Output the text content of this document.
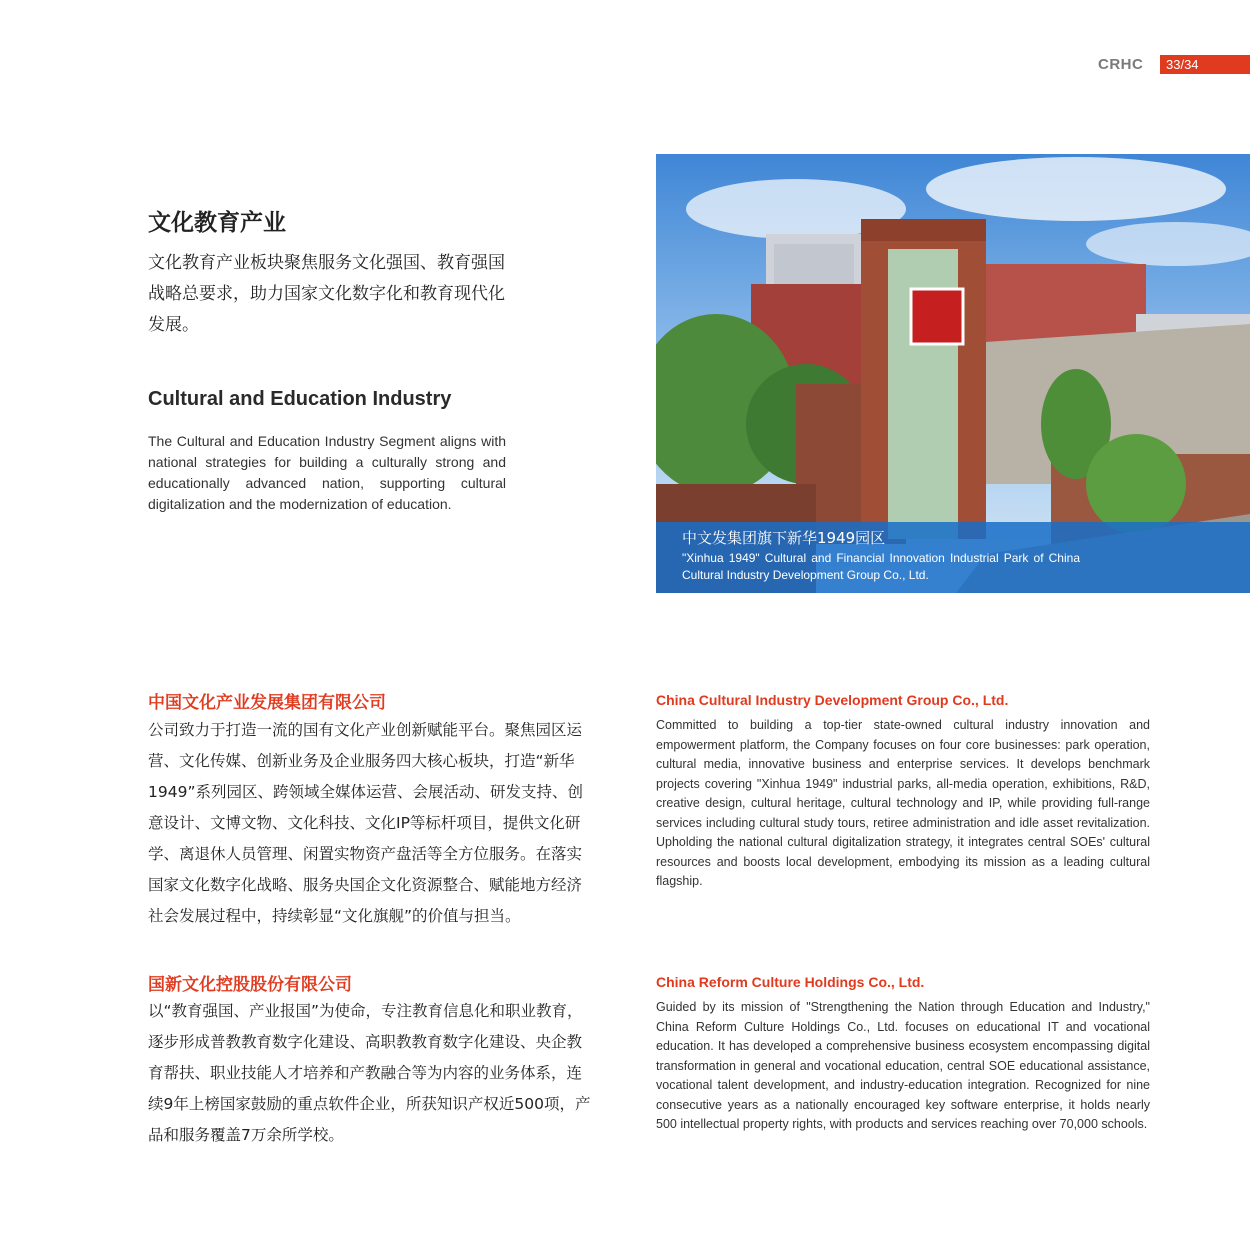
CRHC	33/34
文化教育产业

文化教育产业板块聚焦服务文化强国、教育强国战略总要求，助力国家文化数字化和教育现代化发展。

Cultural and Education Industry

The Cultural and Education Industry Segment aligns with national strategies for building a culturally strong and educationally advanced nation, supporting cultural digitalization and the modernization of education.

中文发集团旗下新华1949园区
"Xinhua 1949" Cultural and Financial Innovation Industrial Park of China Cultural Industry Development Group Co., Ltd.
中国文化产业发展集团有限公司

公司致力于打造一流的国有文化产业创新赋能平台。聚焦园区运营、文化传媒、创新业务及企业服务四大核心板块，打造“新华1949”系列园区、跨领域全媒体运营、会展活动、研发支持、创意设计、文博文物、文化科技、文化IP等标杆项目，提供文化研学、离退休人员管理、闲置实物资产盘活等全方位服务。在落实国家文化数字化战略、服务央国企文化资源整合、赋能地方经济社会发展过程中，持续彰显“文化旗舰”的价值与担当。

China Cultural Industry Development Group Co., Ltd.

Committed to building a top-tier state-owned cultural industry innovation and empowerment platform, the Company focuses on four core businesses: park operation, cultural media, innovative business and enterprise services. It develops benchmark projects covering "Xinhua 1949" industrial parks, all-media operation, exhibitions, R&D, creative design, cultural heritage, cultural technology and IP, while providing full-range services including cultural study tours, retiree administration and idle asset revitalization. Upholding the national cultural digitalization strategy, it integrates central SOEs' cultural resources and boosts local development, embodying its mission as a leading cultural flagship.

国新文化控股股份有限公司

以“教育强国、产业报国”为使命，专注教育信息化和职业教育，逐步形成普教教育数字化建设、高职教教育数字化建设、央企教育帮扶、职业技能人才培养和产教融合等为内容的业务体系，连续9年上榜国家鼓励的重点软件企业，所获知识产权近500项，产品和服务覆盖7万余所学校。

China Reform Culture Holdings Co., Ltd.

Guided by its mission of "Strengthening the Nation through Education and Industry," China Reform Culture Holdings Co., Ltd. focuses on educational IT and vocational education. It has developed a comprehensive business ecosystem encompassing digital transformation in general and vocational education, central SOE educational assistance, vocational talent development, and industry-education integration. Recognized for nine consecutive years as a nationally encouraged key software enterprise, it holds nearly 500 intellectual property rights, with products and services reaching over 70,000 schools.
